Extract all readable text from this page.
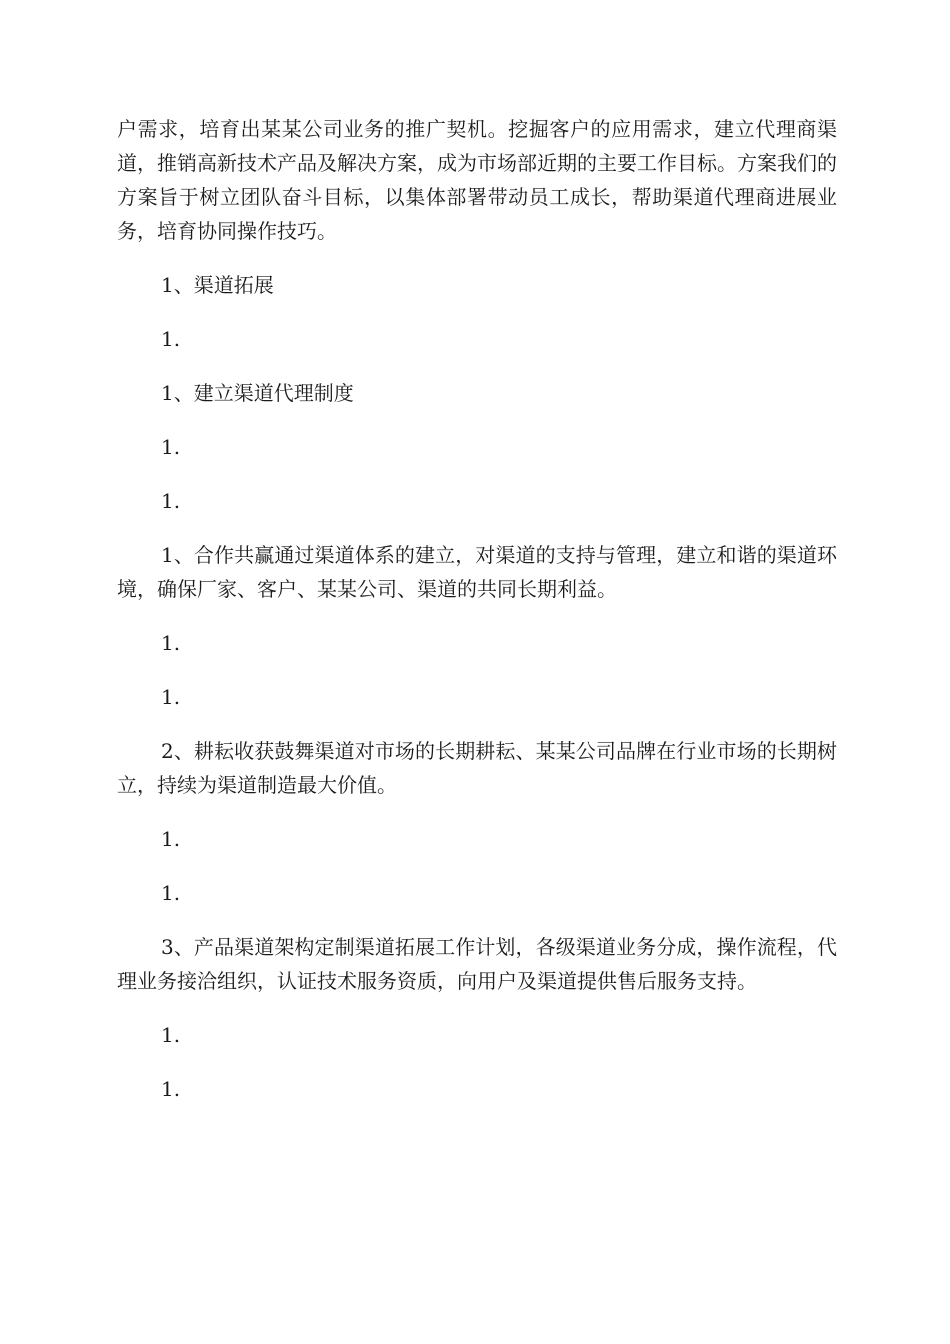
户需求，培育出某某公司业务的推广契机。挖掘客户的应用需求，建立代理商渠道，推销高新技术产品及解决方案，成为市场部近期的主要工作目标。方案我们的方案旨于树立团队奋斗目标，以集体部署带动员工成长，帮助渠道代理商进展业务，培育协同操作技巧。

1、渠道拓展

1.

1、建立渠道代理制度

1.

1.

1、合作共赢通过渠道体系的建立，对渠道的支持与管理，建立和谐的渠道环境，确保厂家、客户、某某公司、渠道的共同长期利益。

1.

1.

2、耕耘收获鼓舞渠道对市场的长期耕耘、某某公司品牌在行业市场的长期树立，持续为渠道制造最大价值。

1.

1.

3、产品渠道架构定制渠道拓展工作计划，各级渠道业务分成，操作流程，代理业务接洽组织，认证技术服务资质，向用户及渠道提供售后服务支持。

1.

1.
